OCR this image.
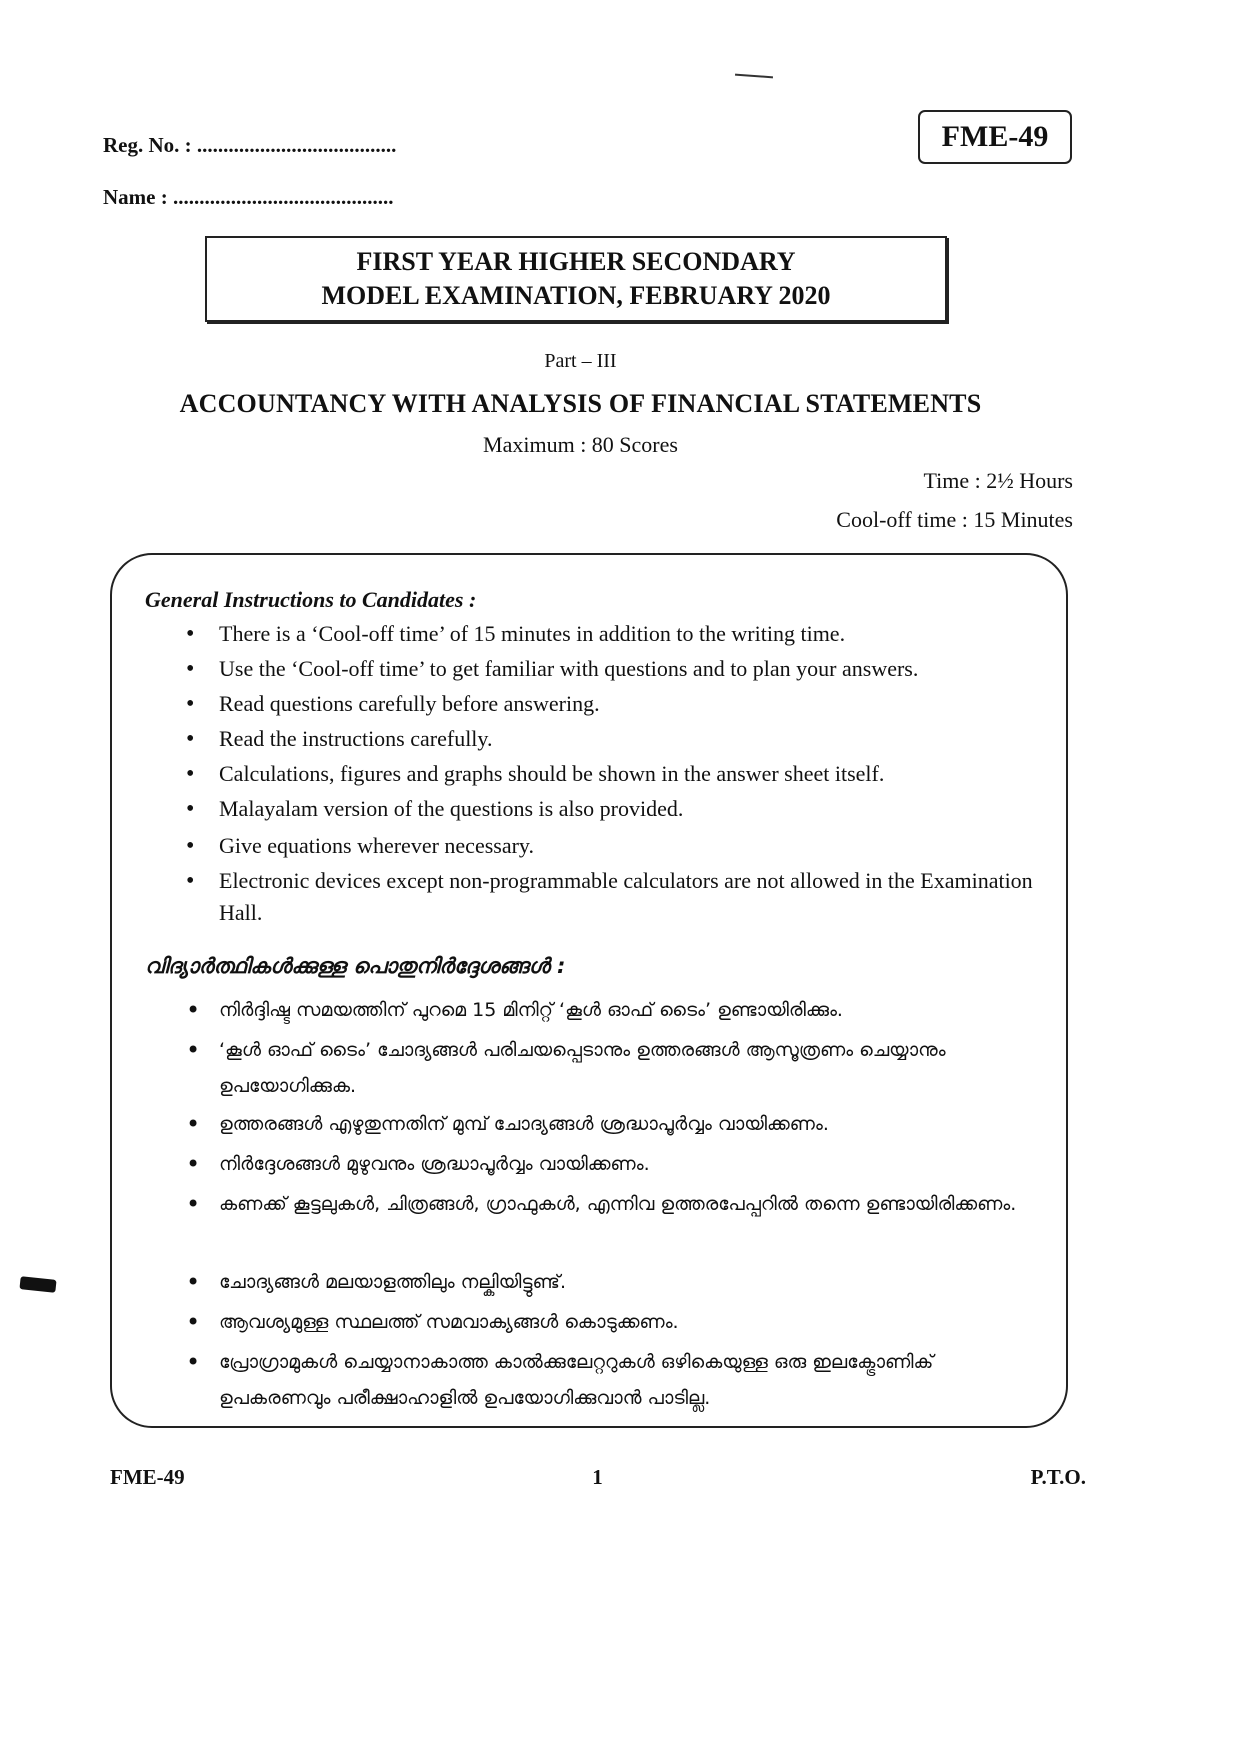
Reg. No. : ......................................
Name : ..........................................
FME-49
FIRST YEAR HIGHER SECONDARY
MODEL EXAMINATION, FEBRUARY 2020
Part – III
ACCOUNTANCY WITH ANALYSIS OF FINANCIAL STATEMENTS
Maximum : 80 Scores
Time : 2½ Hours
Cool-off time : 15 Minutes
General Instructions to Candidates :
• There is a ‘Cool-off time’ of 15 minutes in addition to the writing time.
• Use the ‘Cool-off time’ to get familiar with questions and to plan your answers.
• Read questions carefully before answering.
• Read the instructions carefully.
• Calculations, figures and graphs should be shown in the answer sheet itself.
• Malayalam version of the questions is also provided.
• Give equations wherever necessary.
• Electronic devices except non-programmable calculators are not allowed in the Examination Hall.
വിദ്യാർത്ഥികൾക്കുള്ള പൊതുനിർദ്ദേശങ്ങൾ :
• നിർദ്ദിഷ്ട സമയത്തിന് പുറമെ 15 മിനിറ്റ് ‘കൂൾ ഓഫ് ടൈം’ ഉണ്ടായിരിക്കും.
• ‘കൂൾ ഓഫ് ടൈം’ ചോദ്യങ്ങൾ പരിചയപ്പെടാനും ഉത്തരങ്ങൾ ആസൂത്രണം ചെയ്യാനും ഉപയോഗിക്കുക.
• ഉത്തരങ്ങൾ എഴുതുന്നതിന് മുമ്പ് ചോദ്യങ്ങൾ ശ്രദ്ധാപൂർവ്വം വായിക്കണം.
• നിർദ്ദേശങ്ങൾ മുഴുവനും ശ്രദ്ധാപൂർവ്വം വായിക്കണം.
• കണക്ക് കൂട്ടലുകൾ, ചിത്രങ്ങൾ, ഗ്രാഫുകൾ, എന്നിവ ഉത്തരപേപ്പറിൽ തന്നെ ഉണ്ടായിരിക്കണം.
• ചോദ്യങ്ങൾ മലയാളത്തിലും നല്കിയിട്ടുണ്ട്.
• ആവശ്യമുള്ള സ്ഥലത്ത് സമവാക്യങ്ങൾ കൊടുക്കണം.
• പ്രോഗ്രാമുകൾ ചെയ്യാനാകാത്ത കാൽക്കുലേറ്ററുകൾ ഒഴികെയുള്ള ഒരു ഇലക്ട്രോണിക് ഉപകരണവും പരീക്ഷാഹാളിൽ ഉപയോഗിക്കുവാൻ പാടില്ല.
FME-49	1	P.T.O.
